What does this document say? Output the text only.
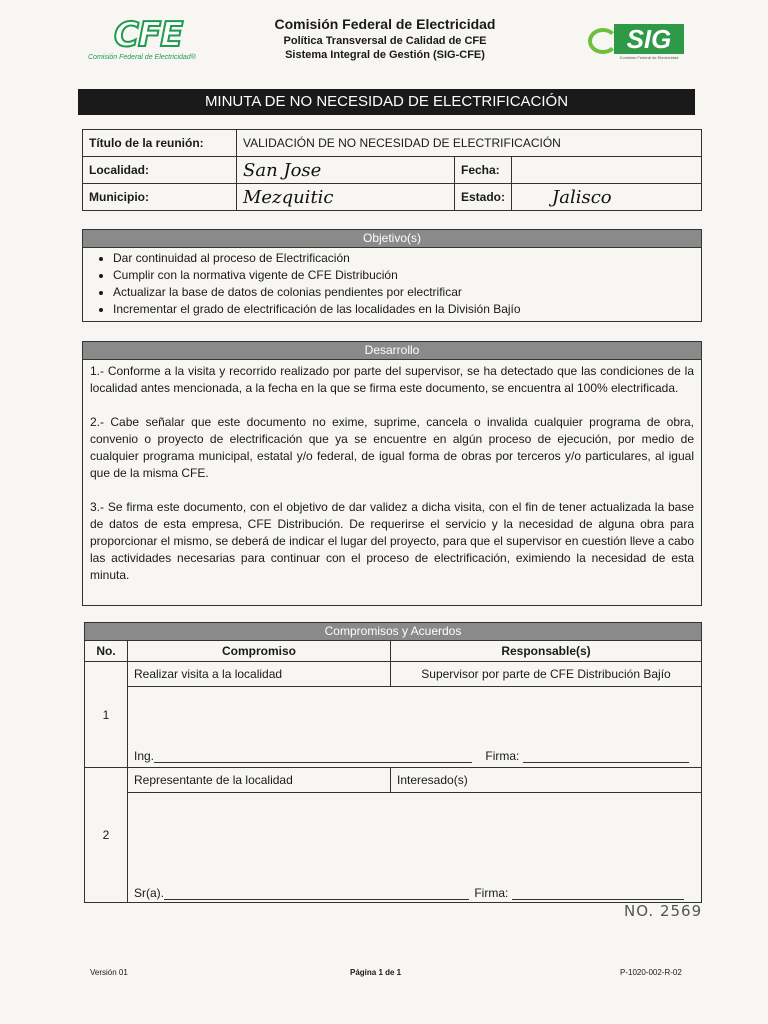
CFE
Comisión Federal de Electricidad®
Comisión Federal de Electricidad
Política Transversal de Calidad de CFE
Sistema Integral de Gestión (SIG-CFE)
SIG
Comisión Federal de Electricidad
MINUTA DE NO NECESIDAD DE ELECTRIFICACIÓN
Título de la reunión:	VALIDACIÓN DE NO NECESIDAD DE ELECTRIFICACIÓN		
Localidad:	San Jose	Fecha:	
Municipio:	Mezquitic	Estado:	Jalisco
Objetivo(s)
• Dar continuidad al proceso de Electrificación
• Cumplir con la normativa vigente de CFE Distribución
• Actualizar la base de datos de colonias pendientes por electrificar
• Incrementar el grado de electrificación de las localidades en la División Bajío
Desarrollo

1.- Conforme a la visita y recorrido realizado por parte del supervisor, se ha detectado que las condiciones de la localidad antes mencionada, a la fecha en la que se firma este documento, se encuentra al 100% electrificada.

2.- Cabe señalar que este documento no exime, suprime, cancela o invalida cualquier programa de obra, convenio o proyecto de electrificación que ya se encuentre en algún proceso de ejecución, por medio de cualquier programa municipal, estatal y/o federal, de igual forma de obras por terceros y/o particulares, al igual que de la misma CFE.

3.- Se firma este documento, con el objetivo de dar validez a dicha visita, con el fin de tener actualizada la base de datos de esta empresa, CFE Distribución. De requerirse el servicio y la necesidad de alguna obra para proporcionar el mismo, se deberá de indicar el lugar del proyecto, para que el supervisor en cuestión lleve a cabo las actividades necesarias para continuar con el proceso de electrificación, eximiendo la necesidad de esta minuta.

Compromisos y Acuerdos
No.	Compromiso	Responsable(s)
1	Realizar visita a la localidad	Supervisor por parte de CFE Distribución Bajío
	Ing. Firma:	
2	Representante de la localidad	Interesado(s)
	Sr(a). Firma:	
NO. 2569
Versión 01	Página 1 de 1	P-1020-002-R-02
